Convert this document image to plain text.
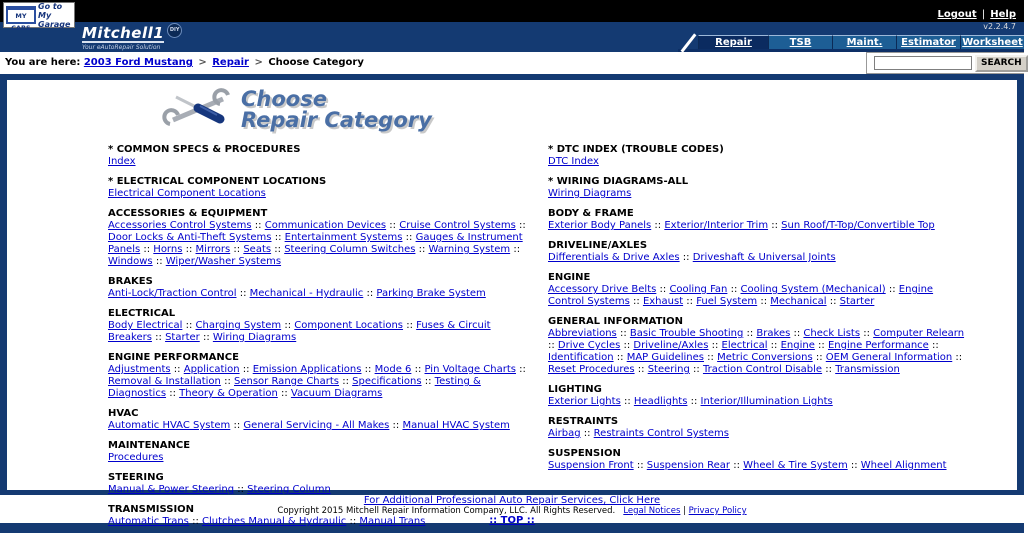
MY CARS
Go to My Garage
Logout | Help
v2.2.4.7
Mitchell1 DIY
Your eAutoRepair Solution	Repair	TSB	Maint.	Estimator Worksheet
You are here: 2003 Ford Mustang > Repair > Choose Category	SEARCH
Choose
Repair Category
* COMMON SPECS & PROCEDURES
Index
* ELECTRICAL COMPONENT LOCATIONS
Electrical Component Locations
ACCESSORIES & EQUIPMENT
Accessories Control Systems :: Communication Devices :: Cruise Control Systems :: Door Locks & Anti-Theft Systems :: Entertainment Systems :: Gauges & Instrument Panels :: Horns :: Mirrors :: Seats :: Steering Column Switches :: Warning System :: Windows :: Wiper/Washer Systems
BRAKES
Anti-Lock/Traction Control :: Mechanical - Hydraulic :: Parking Brake System
ELECTRICAL
Body Electrical :: Charging System :: Component Locations :: Fuses & Circuit Breakers :: Starter :: Wiring Diagrams
ENGINE PERFORMANCE
Adjustments :: Application :: Emission Applications :: Mode 6 :: Pin Voltage Charts :: Removal & Installation :: Sensor Range Charts :: Specifications :: Testing & Diagnostics :: Theory & Operation :: Vacuum Diagrams
HVAC
Automatic HVAC System :: General Servicing - All Makes :: Manual HVAC System
MAINTENANCE
Procedures
STEERING
Manual & Power Steering :: Steering Column
TRANSMISSION
Automatic Trans :: Clutches Manual & Hydraulic :: Manual Trans
* DTC INDEX (TROUBLE CODES)
DTC Index
* WIRING DIAGRAMS-ALL
Wiring Diagrams
BODY & FRAME
Exterior Body Panels :: Exterior/Interior Trim :: Sun Roof/T-Top/Convertible Top
DRIVELINE/AXLES
Differentials & Drive Axles :: Driveshaft & Universal Joints
ENGINE
Accessory Drive Belts :: Cooling Fan :: Cooling System (Mechanical) :: Engine Control Systems :: Exhaust :: Fuel System :: Mechanical :: Starter
GENERAL INFORMATION
Abbreviations :: Basic Trouble Shooting :: Brakes :: Check Lists :: Computer Relearn :: Drive Cycles :: Driveline/Axles :: Electrical :: Engine :: Engine Performance :: Identification :: MAP Guidelines :: Metric Conversions :: OEM General Information :: Reset Procedures :: Steering :: Traction Control Disable :: Transmission
LIGHTING
Exterior Lights :: Headlights :: Interior/Illumination Lights
RESTRAINTS
Airbag :: Restraints Control Systems
SUSPENSION
Suspension Front :: Suspension Rear :: Wheel & Tire System :: Wheel Alignment
For Additional Professional Auto Repair Services, Click Here
Copyright 2015 Mitchell Repair Information Company, LLC. All Rights Reserved. Legal Notices | Privacy Policy
:: TOP ::
